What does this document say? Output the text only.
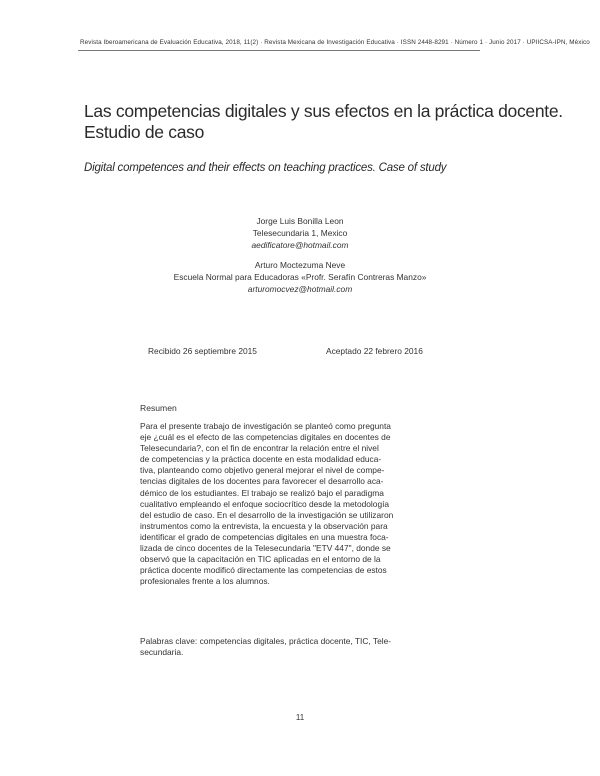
Revista Iberoamericana de Evaluación Educativa, 2018, 11(2) · Revista Mexicana de Investigación Educativa · ISSN 2448-8291 · Número 1 · Junio 2017 · UPIICSA-IPN, México
Las competencias digitales y sus efectos en la práctica docente.
Estudio de caso
Digital competences and their effects on teaching practices. Case of study
Jorge Luis Bonilla Leon
Telesecundaria 1, Mexico
aedificatore@hotmail.com
Arturo Moctezuma Neve
Escuela Normal para Educadoras «Profr. Serafín Contreras Manzo»
arturomocvez@hotmail.com
Recibido 26 septiembre 2015	Aceptado 22 febrero 2016
Resumen
Para el presente trabajo de investigación se planteó como pregunta
eje ¿cuál es el efecto de las competencias digitales en docentes de
Telesecundaria?, con el fin de encontrar la relación entre el nivel
de competencias y la práctica docente en esta modalidad educa-
tiva, planteando como objetivo general mejorar el nivel de compe-
tencias digitales de los docentes para favorecer el desarrollo aca-
démico de los estudiantes. El trabajo se realizó bajo el paradigma
cualitativo empleando el enfoque sociocrítico desde la metodología
del estudio de caso. En el desarrollo de la investigación se utilizaron
instrumentos como la entrevista, la encuesta y la observación para
identificar el grado de competencias digitales en una muestra foca-
lizada de cinco docentes de la Telesecundaria "ETV 447", donde se
observó que la capacitación en TIC aplicadas en el entorno de la
práctica docente modificó directamente las competencias de estos
profesionales frente a los alumnos.
Palabras clave: competencias digitales, práctica docente, TIC, Tele-
secundaria.
11
